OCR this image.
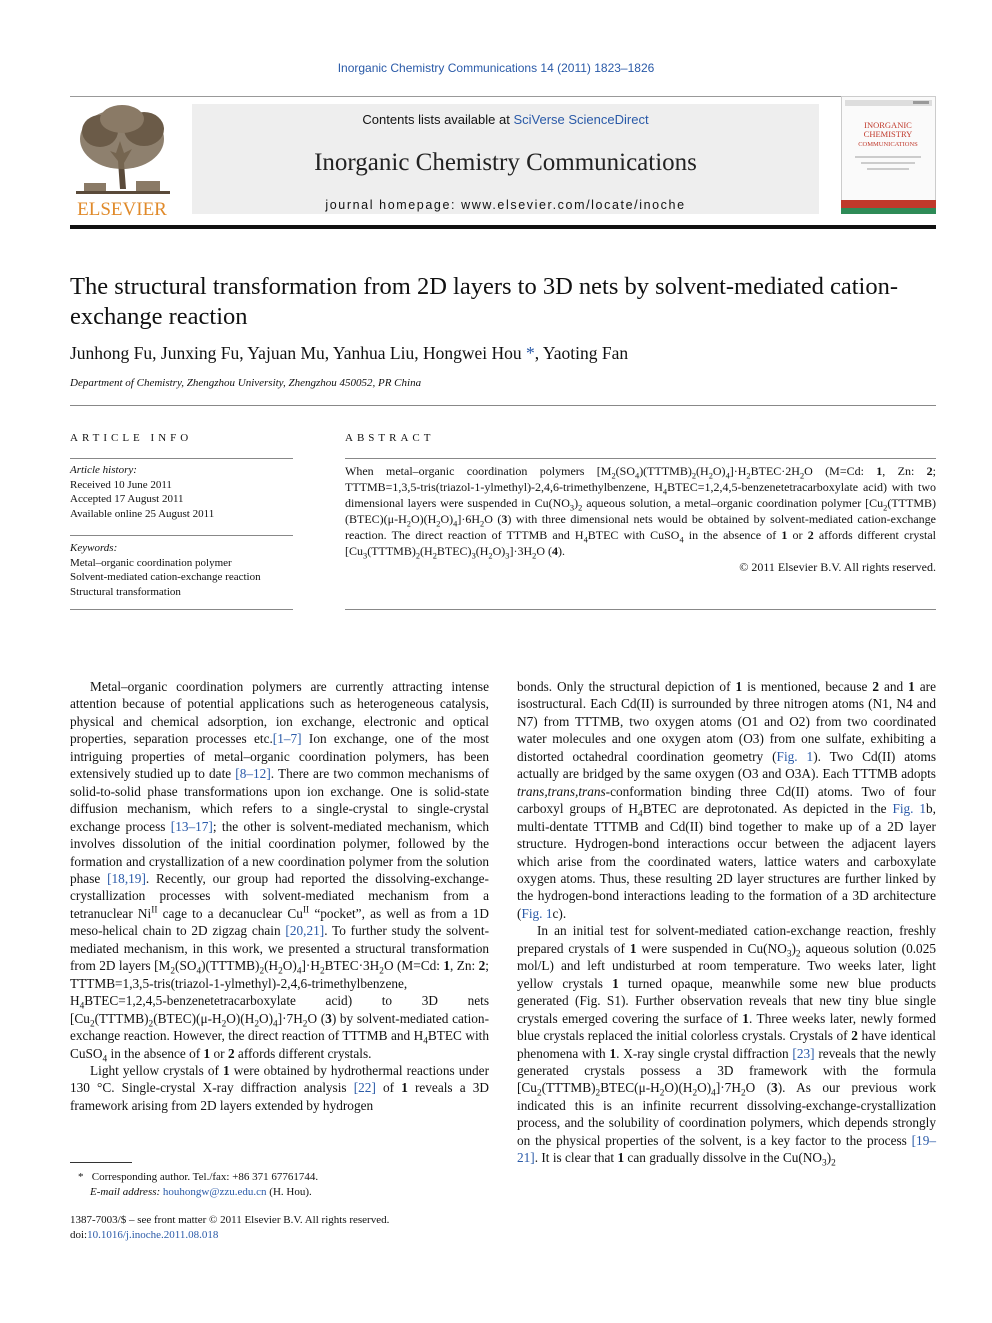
Inorganic Chemistry Communications 14 (2011) 1823–1826
ELSEVIER
Contents lists available at SciVerse ScienceDirect
Inorganic Chemistry Communications
journal homepage: www.elsevier.com/locate/inoche
INORGANIC
CHEMISTRY
COMMUNICATIONS
The structural transformation from 2D layers to 3D nets by solvent-mediated cation-exchange reaction
Junhong Fu, Junxing Fu, Yajuan Mu, Yanhua Liu, Hongwei Hou *, Yaoting Fan
Department of Chemistry, Zhengzhou University, Zhengzhou 450052, PR China
ARTICLE INFO	ABSTRACT
Article history:
Received 10 June 2011
Accepted 17 August 2011
Available online 25 August 2011
Keywords:
Metal–organic coordination polymer
Solvent-mediated cation-exchange reaction
Structural transformation
When metal–organic coordination polymers $[M_2(SO_4)(TTTMB)_2(H_2O)_4]\cdot H_2BTEC\cdot 2H_2O$ (M=Cd: 1, Zn: 2; TTTMB=1,3,5-tris(triazol-1-ylmethyl)-2,4,6-trimethylbenzene, $H_4BTEC=1,2,4,5$-benzenetetracarboxylate acid) with two dimensional layers were suspended in $Cu(NO_3)_2$ aqueous solution, a metal–organic coordination polymer $[Cu_2(TTTMB)(BTEC)(\mu-H_2O)(H_2O)_4]\cdot 6H_2O$ (3) with three dimensional nets would be obtained by solvent-mediated cation-exchange reaction. The direct reaction of TTTMB and $H_4BTEC$ with CuSO$_4$ in the absence of 1 or 2 affords different crystal $[Cu_3(TTTMB)_2(H_2BTEC)_3(H_2O)_3]\cdot 3H_2O$ (4).
© 2011 Elsevier B.V. All rights reserved.

Metal–organic coordination polymers are currently attracting intense attention because of potential applications such as heterogeneous catalysis, physical and chemical adsorption, ion exchange, electronic and optical properties, separation processes etc.[1–7] Ion exchange, one of the most intriguing properties of metal–organic coordination polymers, has been extensively studied up to date [8–12]. There are two common mechanisms of solid-to-solid phase transformations upon ion exchange. One is solid-state diffusion mechanism, which refers to a single-crystal to single-crystal exchange process [13–17]; the other is solvent-mediated mechanism, which involves dissolution of the initial coordination polymer, followed by the formation and crystallization of a new coordination polymer from the solution phase [18,19]. Recently, our group had reported the dissolving-exchange-crystallization processes with solvent-mediated mechanism from a tetranuclear $Ni^{II}$ cage to a decanuclear $Cu^{II}$ “pocket”, as well as from a 1D meso-helical chain to 2D zigzag chain [20,21]. To further study the solvent-mediated mechanism, in this work, we presented a structural transformation from 2D layers $[M_2(SO_4)(TTTMB)_2(H_2O)_4]\cdot H_2BTEC\cdot 3H_2O$ (M=Cd: 1, Zn: 2; TTTMB=1,3,5-tris(triazol-1-ylmethyl)-2,4,6-trimethylbenzene, $H_4BTEC=1,2,4,5$-benzenetetracarboxylate acid) to 3D nets $[Cu_2(TTTMB)_2(BTEC)(\mu-H_2O)(H_2O)_4]\cdot 7H_2O$ (3) by solvent-mediated cation-exchange reaction. However, the direct reaction of TTTMB and $H_4BTEC$ with CuSO$_4$ in the absence of 1 or 2 affords different crystals.

Light yellow crystals of 1 were obtained by hydrothermal reactions under 130 °C. Single-crystal X-ray diffraction analysis [22] of 1 reveals a 3D framework arising from 2D layers extended by hydrogen

bonds. Only the structural depiction of 1 is mentioned, because 2 and 1 are isostructural. Each Cd(II) is surrounded by three nitrogen atoms (N1, N4 and N7) from TTTMB, two oxygen atoms (O1 and O2) from two coordinated water molecules and one oxygen atom (O3) from one sulfate, exhibiting a distorted octahedral coordination geometry (Fig. 1). Two Cd(II) atoms actually are bridged by the same oxygen (O3 and O3A). Each TTTMB adopts trans,trans,trans-conformation binding three Cd(II) atoms. Two of four carboxyl groups of $H_4BTEC$ are deprotonated. As depicted in the Fig. 1b, multi-dentate TTTMB and Cd(II) bind together to make up of a 2D layer structure. Hydrogen-bond interactions occur between the adjacent layers which arise from the coordinated waters, lattice waters and carboxylate oxygen atoms. Thus, these resulting 2D layer structures are further linked by the hydrogen-bond interactions leading to the formation of a 3D architecture (Fig. 1c).

In an initial test for solvent-mediated cation-exchange reaction, freshly prepared crystals of 1 were suspended in $Cu(NO_3)_2$ aqueous solution (0.025 mol/L) and left undisturbed at room temperature. Two weeks later, light yellow crystals 1 turned opaque, meanwhile some new blue products generated (Fig. S1). Further observation reveals that new tiny blue single crystals emerged covering the surface of 1. Three weeks later, newly formed blue crystals replaced the initial colorless crystals. Crystals of 2 have identical phenomena with 1. X-ray single crystal diffraction [23] reveals that the newly generated crystals possess a 3D framework with the formula $[Cu_2(TTTMB)_2BTEC(\mu-H_2O)(H_2O)_4]\cdot 7H_2O$ (3). As our previous work indicated this is an infinite recurrent dissolving-exchange-crystallization process, and the solubility of coordination polymers, which depends strongly on the physical properties of the solvent, is a key factor to the process [19–21]. It is clear that 1 can gradually dissolve in the $Cu(NO_3)_2$

* Corresponding author. Tel./fax: +86 371 67761744.
E-mail address: houhongw@zzu.edu.cn (H. Hou).
1387-7003/$ – see front matter © 2011 Elsevier B.V. All rights reserved.
doi:10.1016/j.inoche.2011.08.018
